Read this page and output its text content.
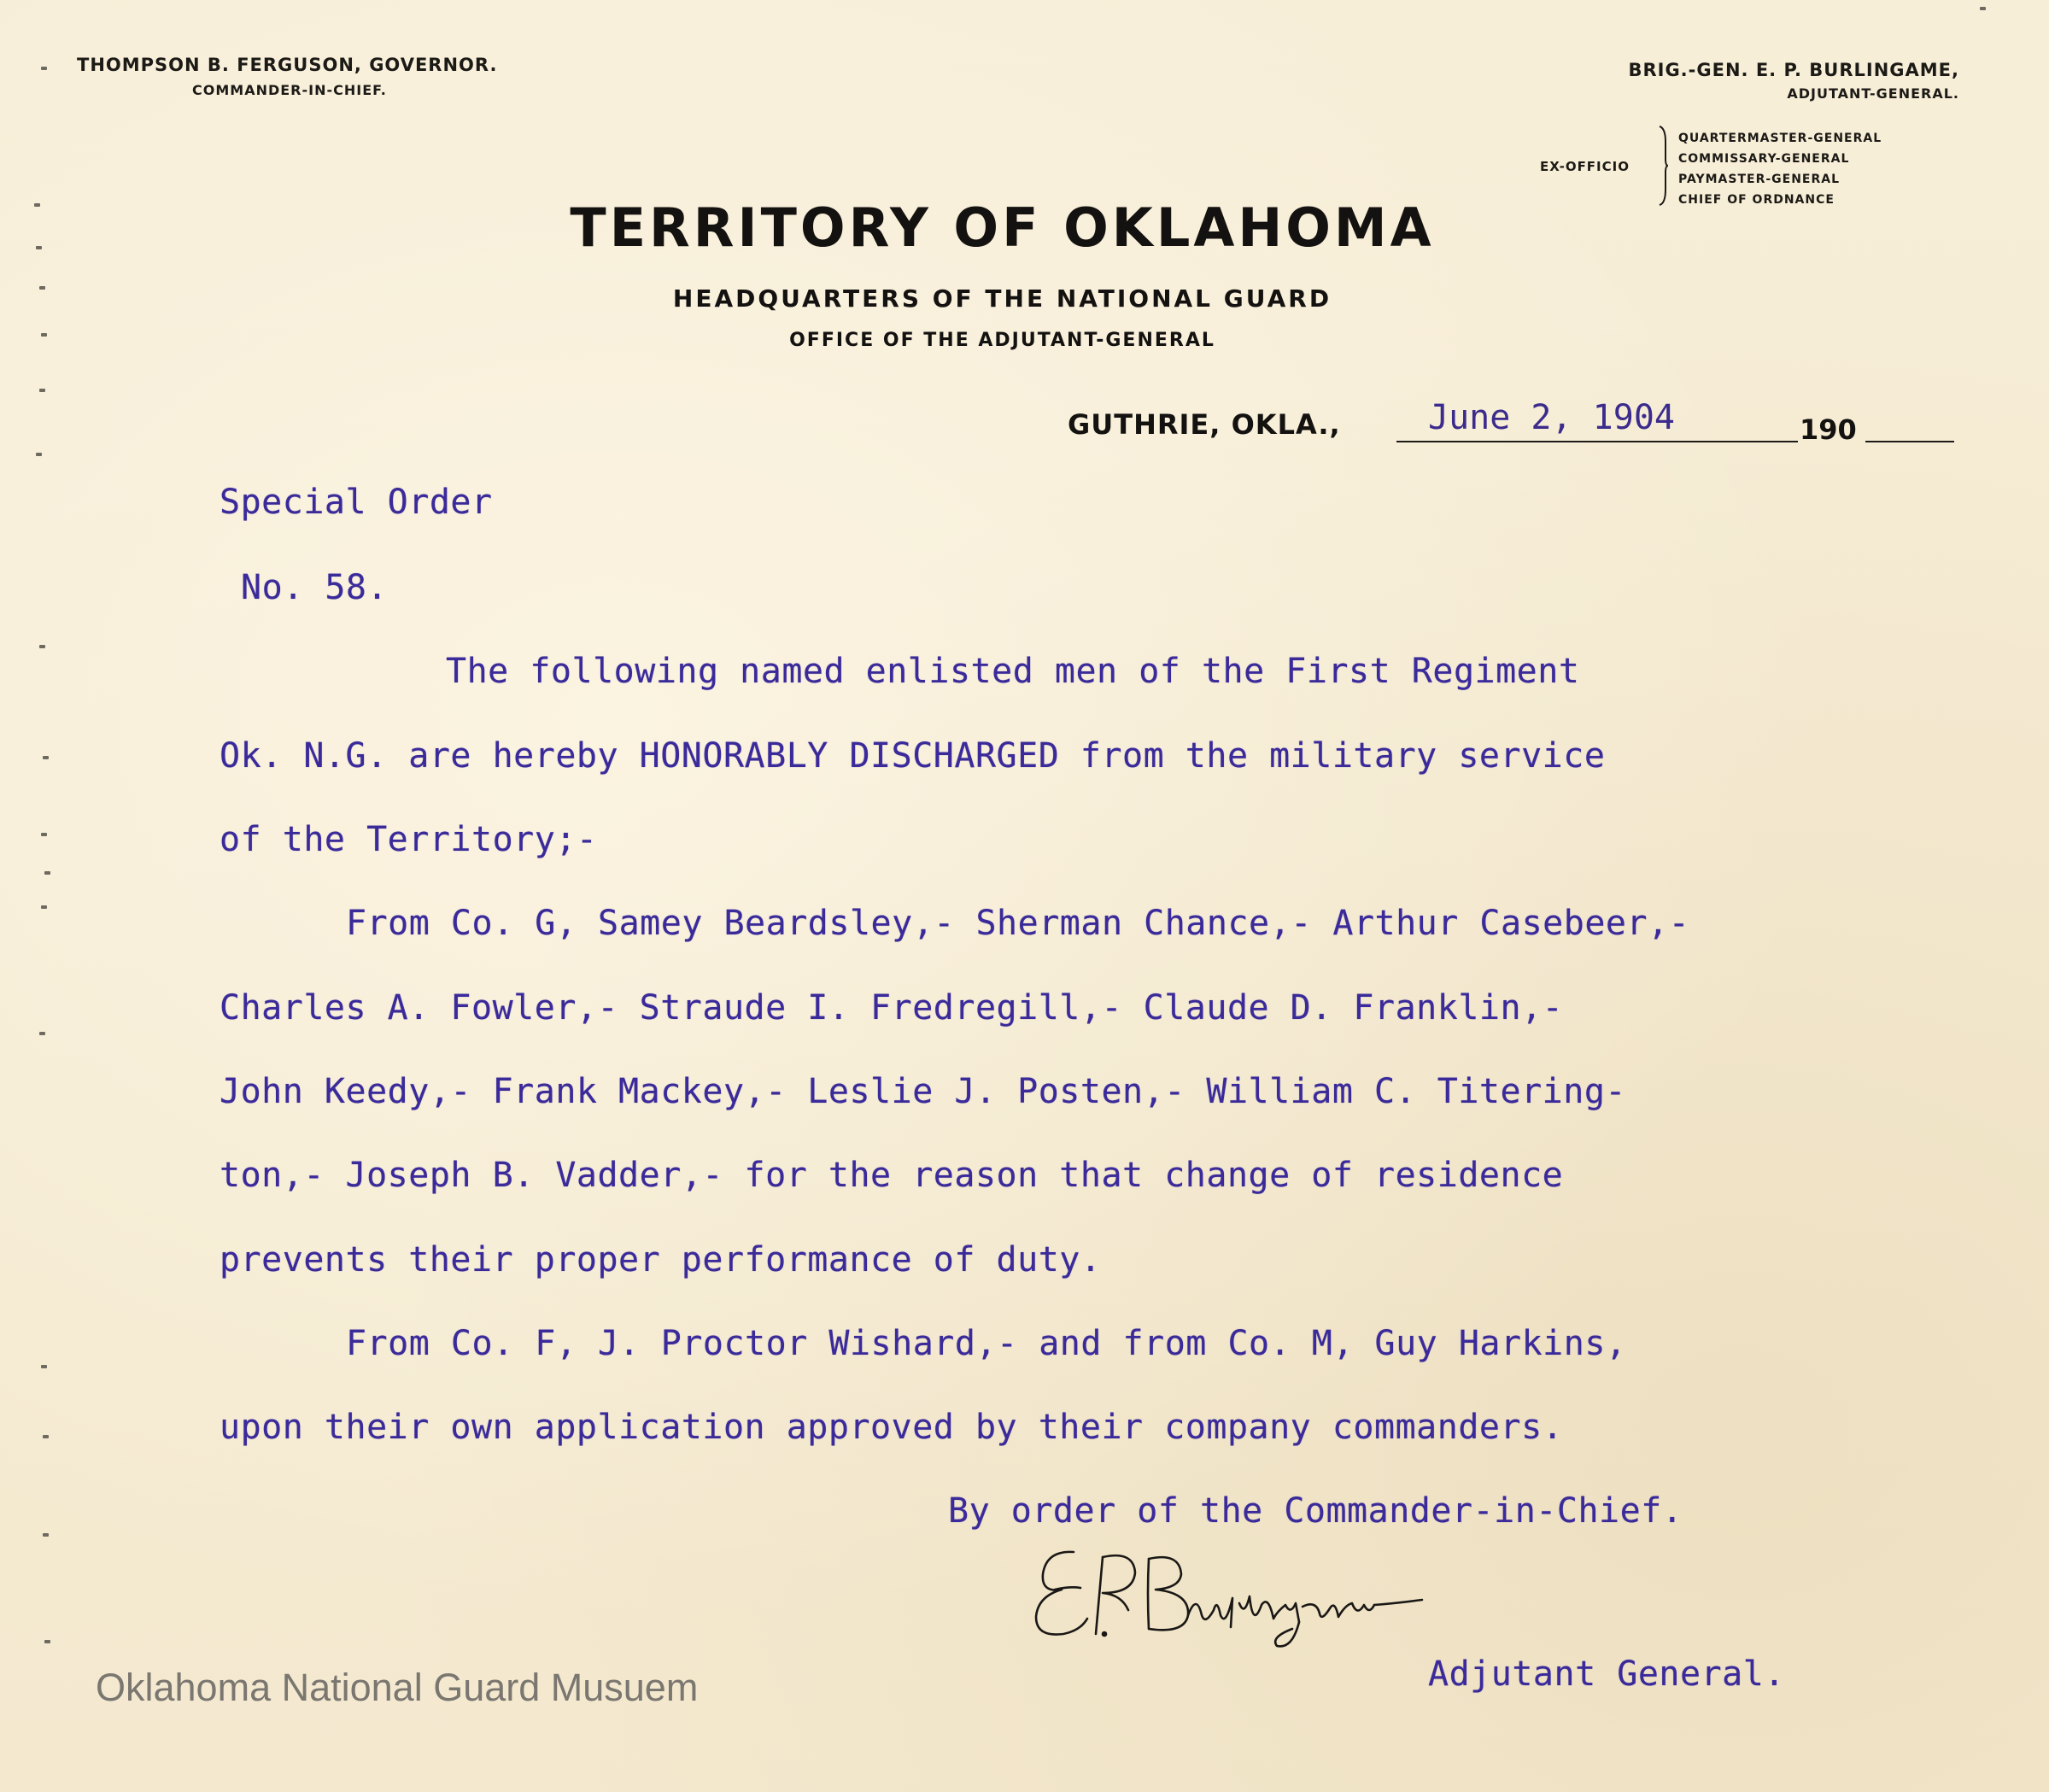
THOMPSON B. FERGUSON, GOVERNOR.
COMMANDER-IN-CHIEF.
BRIG.-GEN. E. P. BURLINGAME,
ADJUTANT-GENERAL.
EX-OFFICIO
QUARTERMASTER-GENERAL
COMMISSARY-GENERAL
PAYMASTER-GENERAL
CHIEF OF ORDNANCE
TERRITORY OF OKLAHOMA
HEADQUARTERS OF THE NATIONAL GUARD
OFFICE OF THE ADJUTANT-GENERAL
GUTHRIE, OKLA.,	June 2, 1904	190
Special Order
No. 58.
The following named enlisted men of the First Regiment
Ok. N.G. are hereby HONORABLY DISCHARGED from the military service
of the Territory;-
From Co. G, Samey Beardsley,- Sherman Chance,- Arthur Casebeer,-
Charles A. Fowler,- Straude I. Fredregill,- Claude D. Franklin,-
John Keedy,- Frank Mackey,- Leslie J. Posten,- William C. Titering-
ton,- Joseph B. Vadder,- for the reason that change of residence
prevents their proper performance of duty.
From Co. F, J. Proctor Wishard,- and from Co. M, Guy Harkins,
upon their own application approved by their company commanders.
By order of the Commander-in-Chief.
Adjutant General.
Oklahoma National Guard Musuem
